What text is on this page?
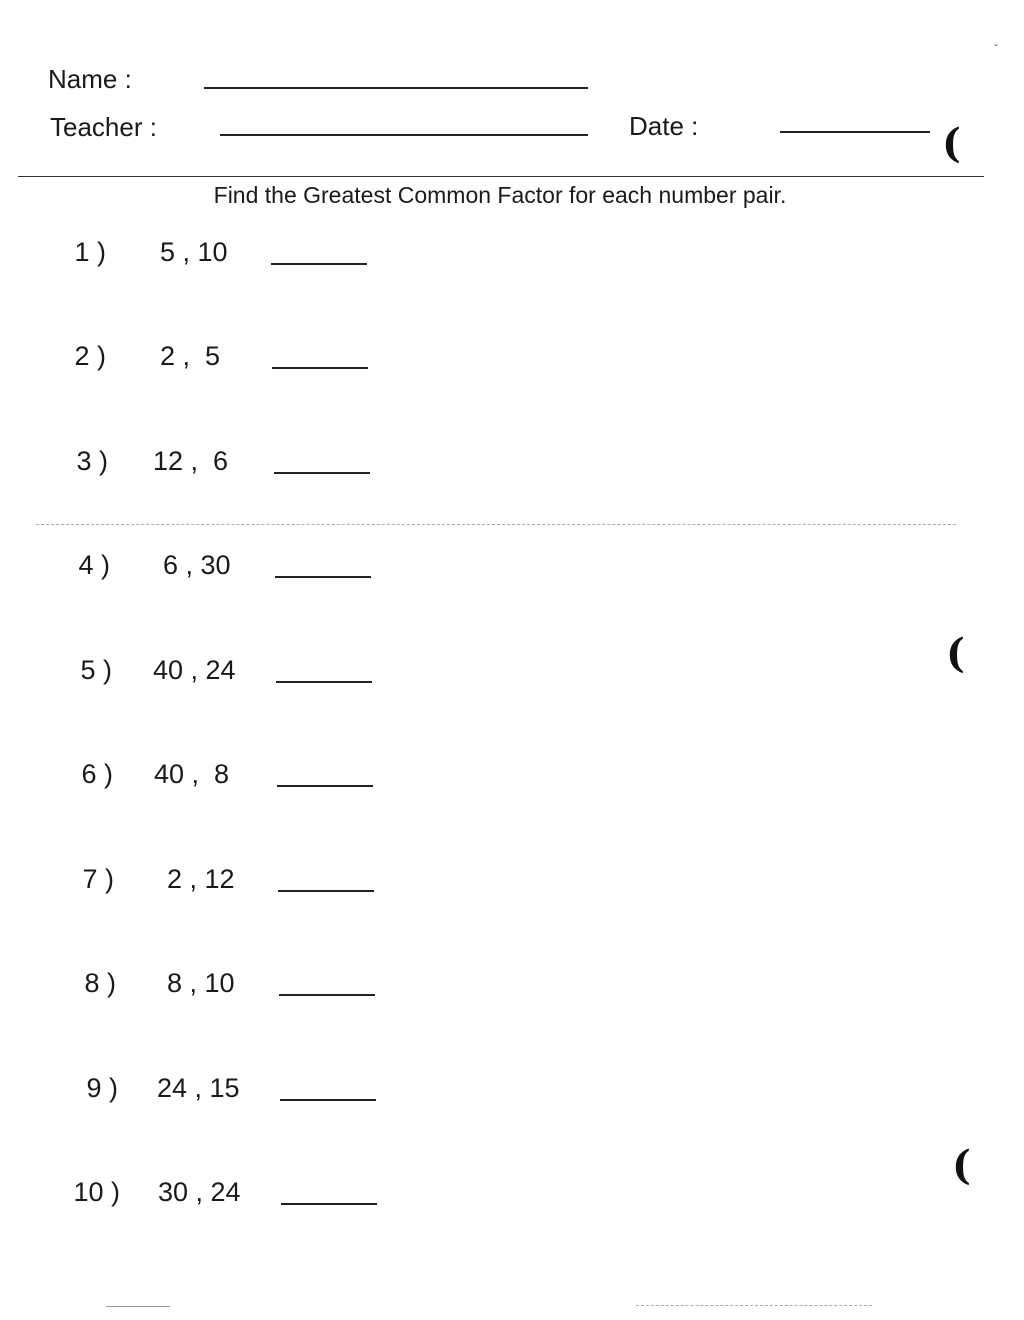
Name :
Teacher :	Date :
Find the Greatest Common Factor for each number pair.
1 ) 5 , 10
2 ) 2 ,  5
3 ) 12 ,  6
4 ) 6 , 30
5 ) 40 , 24
6 ) 40 ,  8
7 ) 2 , 12
8 ) 8 , 10
9 ) 24 , 15
10 ) 30 , 24
(
(
(
ˇ
